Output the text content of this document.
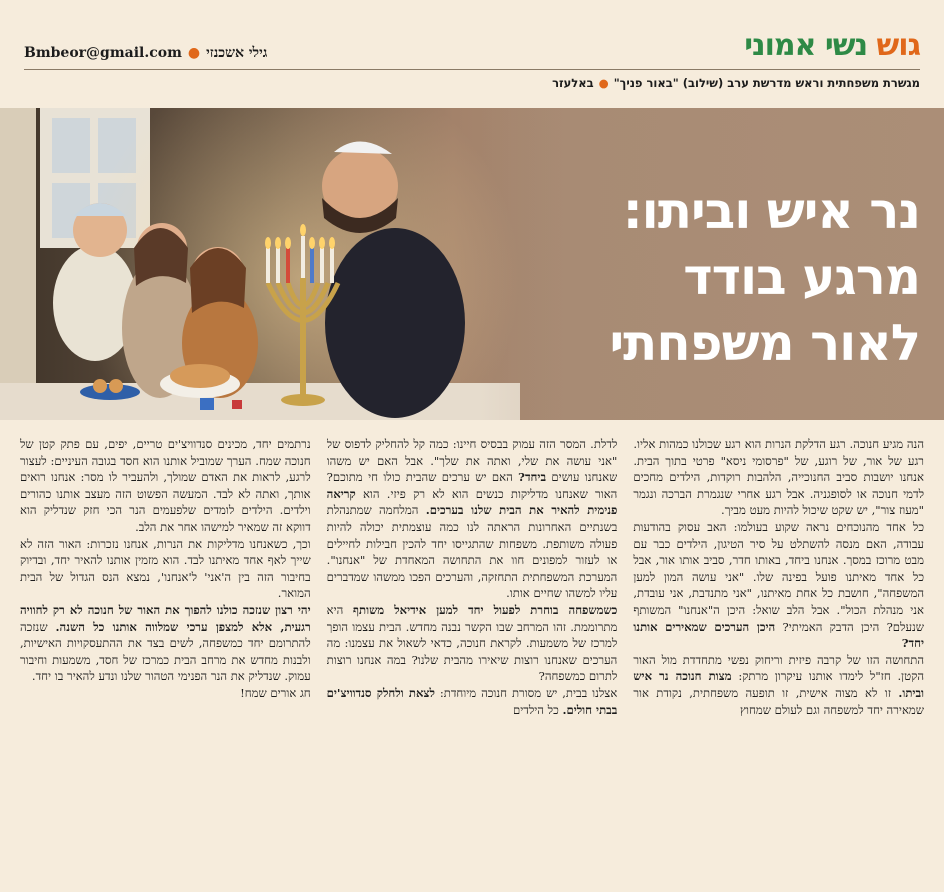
גוש נשי אמוני
Bmbeor@gmail.com ● גילי אשכנזי
מגשרת משפחתית וראש מדרשת ערב (שילוב) "באור פניך"●באלעזר
נר איש וביתו:
מרגע בודד
לאור משפחתי

הנה מגיע חנוכה. רגע הדלקת הנרות הוא רגע שכולנו כמהות אליו. רגע של אור, של רוגע, של "פרסומי ניסא" פרטי בתוך הבית. אנחנו יושבות סביב החנוכייה, הלהבות רוקדות, הילדים מחכים לדמי חנוכה או לסופגניה. אבל רגע אחרי שנגמרת הברכה ונגמר "מעוז צור", יש שקט שיכול להיות מעט מביך.

כל אחד מהנוכחים נראה שקוע בעולמו: האב עסוק בהודעות עבודה, האם מנסה להשתלט על סיר הטיגון, הילדים כבר עם מבט מרוכז במסך. אנחנו ביחד, באותו חדר, סביב אותו אור, אבל כל אחד מאיתנו פועל בפינה שלו. "אני עושה המון למען המשפחה", חושבת כל אחת מאיתנו, "אני מתנדבת, אני עובדת, אני מנהלת הכול". אבל הלב שואל: היכן ה"אנחנו" המשותף שנעלם? היכן הדבק האמיתי? היכן הערכים שמאירים אותנו יחד?

התחושה הזו של קרבה פיזית וריחוק נפשי מתחדדת מול האור הקטן. חז"ל לימדו אותנו עיקרון מרתק: מצות חנוכה נר איש וביתו. זו לא מצוה אישית, זו תופעה משפחתית, נקודת אור שמאירה יחד למשפחה וגם לעולם שמחוץ

לדלת. המסר הזה עמוק בבסיס חיינו: כמה קל להחליק לדפוס של "אני עושה את שלי, ואתה את שלך". אבל האם יש משהו שאנחנו עושים ביחד? האם יש ערכים שהבית כולו חי מתוכם? האור שאנחנו מדליקות כנשים הוא לא רק פיזי. הוא קריאה פנימית להאיר את הבית שלנו בערכים. המלחמה שמתנהלת בשנתיים האחרונות הראתה לנו כמה עוצמתית יכולה להיות פעולה משותפת. משפחות שהתגייסו יחד להכין חבילות לחיילים או לעזור למפונים חוו את התחושה המאחדת של "אנחנו". המערכת המשפחתית התחזקה, והערכים הפכו ממשהו שמדברים עליו למשהו שחיים אותו.

כשמשפחה בוחרת לפעול יחד למען אידיאל משותף היא מתרוממת. זהו המרחב שבו הקשר נבנה מחדש. הבית עצמו הופך למרכז של משמעות. לקראת חנוכה, כדאי לשאול את עצמנו: מה הערכים שאנחנו רוצות שיאירו מהבית שלנו? במה אנחנו רוצות לתרום כמשפחה?

אצלנו בבית, יש מסורת חנוכה מיוחדת: לצאת ולחלק סנדוויצ'ים בבתי חולים. כל הילדים

נרתמים יחד, מכינים סנדוויצ'ים טריים, יפים, עם פתק קטן של חנוכה שמח. הערך שמוביל אותנו הוא חסד בגובה העיניים: לעצור לרגע, לראות את האדם שמולך, ולהעביר לו מסר: אנחנו רואים אותך, ואתה לא לבד. המעשה הפשוט הזה מעצב אותנו כהורים וילדים. הילדים לומדים שלפעמים הנר הכי חזק שנדליק הוא דווקא זה שמאיר למישהו אחר את הלב.

וכך, כשאנחנו מדליקות את הנרות, אנחנו נזכרות: האור הזה לא שייך לאף אחד מאיתנו לבד. הוא מזמין אותנו להאיר יחד, ובדיוק בחיבור הזה בין ה'אני' ל'אנחנו', נמצא הנס הגדול של הבית המואר.

יהי רצון שנזכה כולנו להפוך את האור של חנוכה לא רק לחוויה רגעית, אלא למצפן ערכי שמלווה אותנו כל השנה. שנזכה להתרומם יחד כמשפחה, לשים בצד את ההתעסקויות האישיות, ולבנות מחדש את מרחב הבית כמרכז של חסד, משמעות וחיבור עמוק. שנדליק את הנר הפנימי הטהור שלנו ונדע להאיר בו יחד.

חג אורים שמח!
